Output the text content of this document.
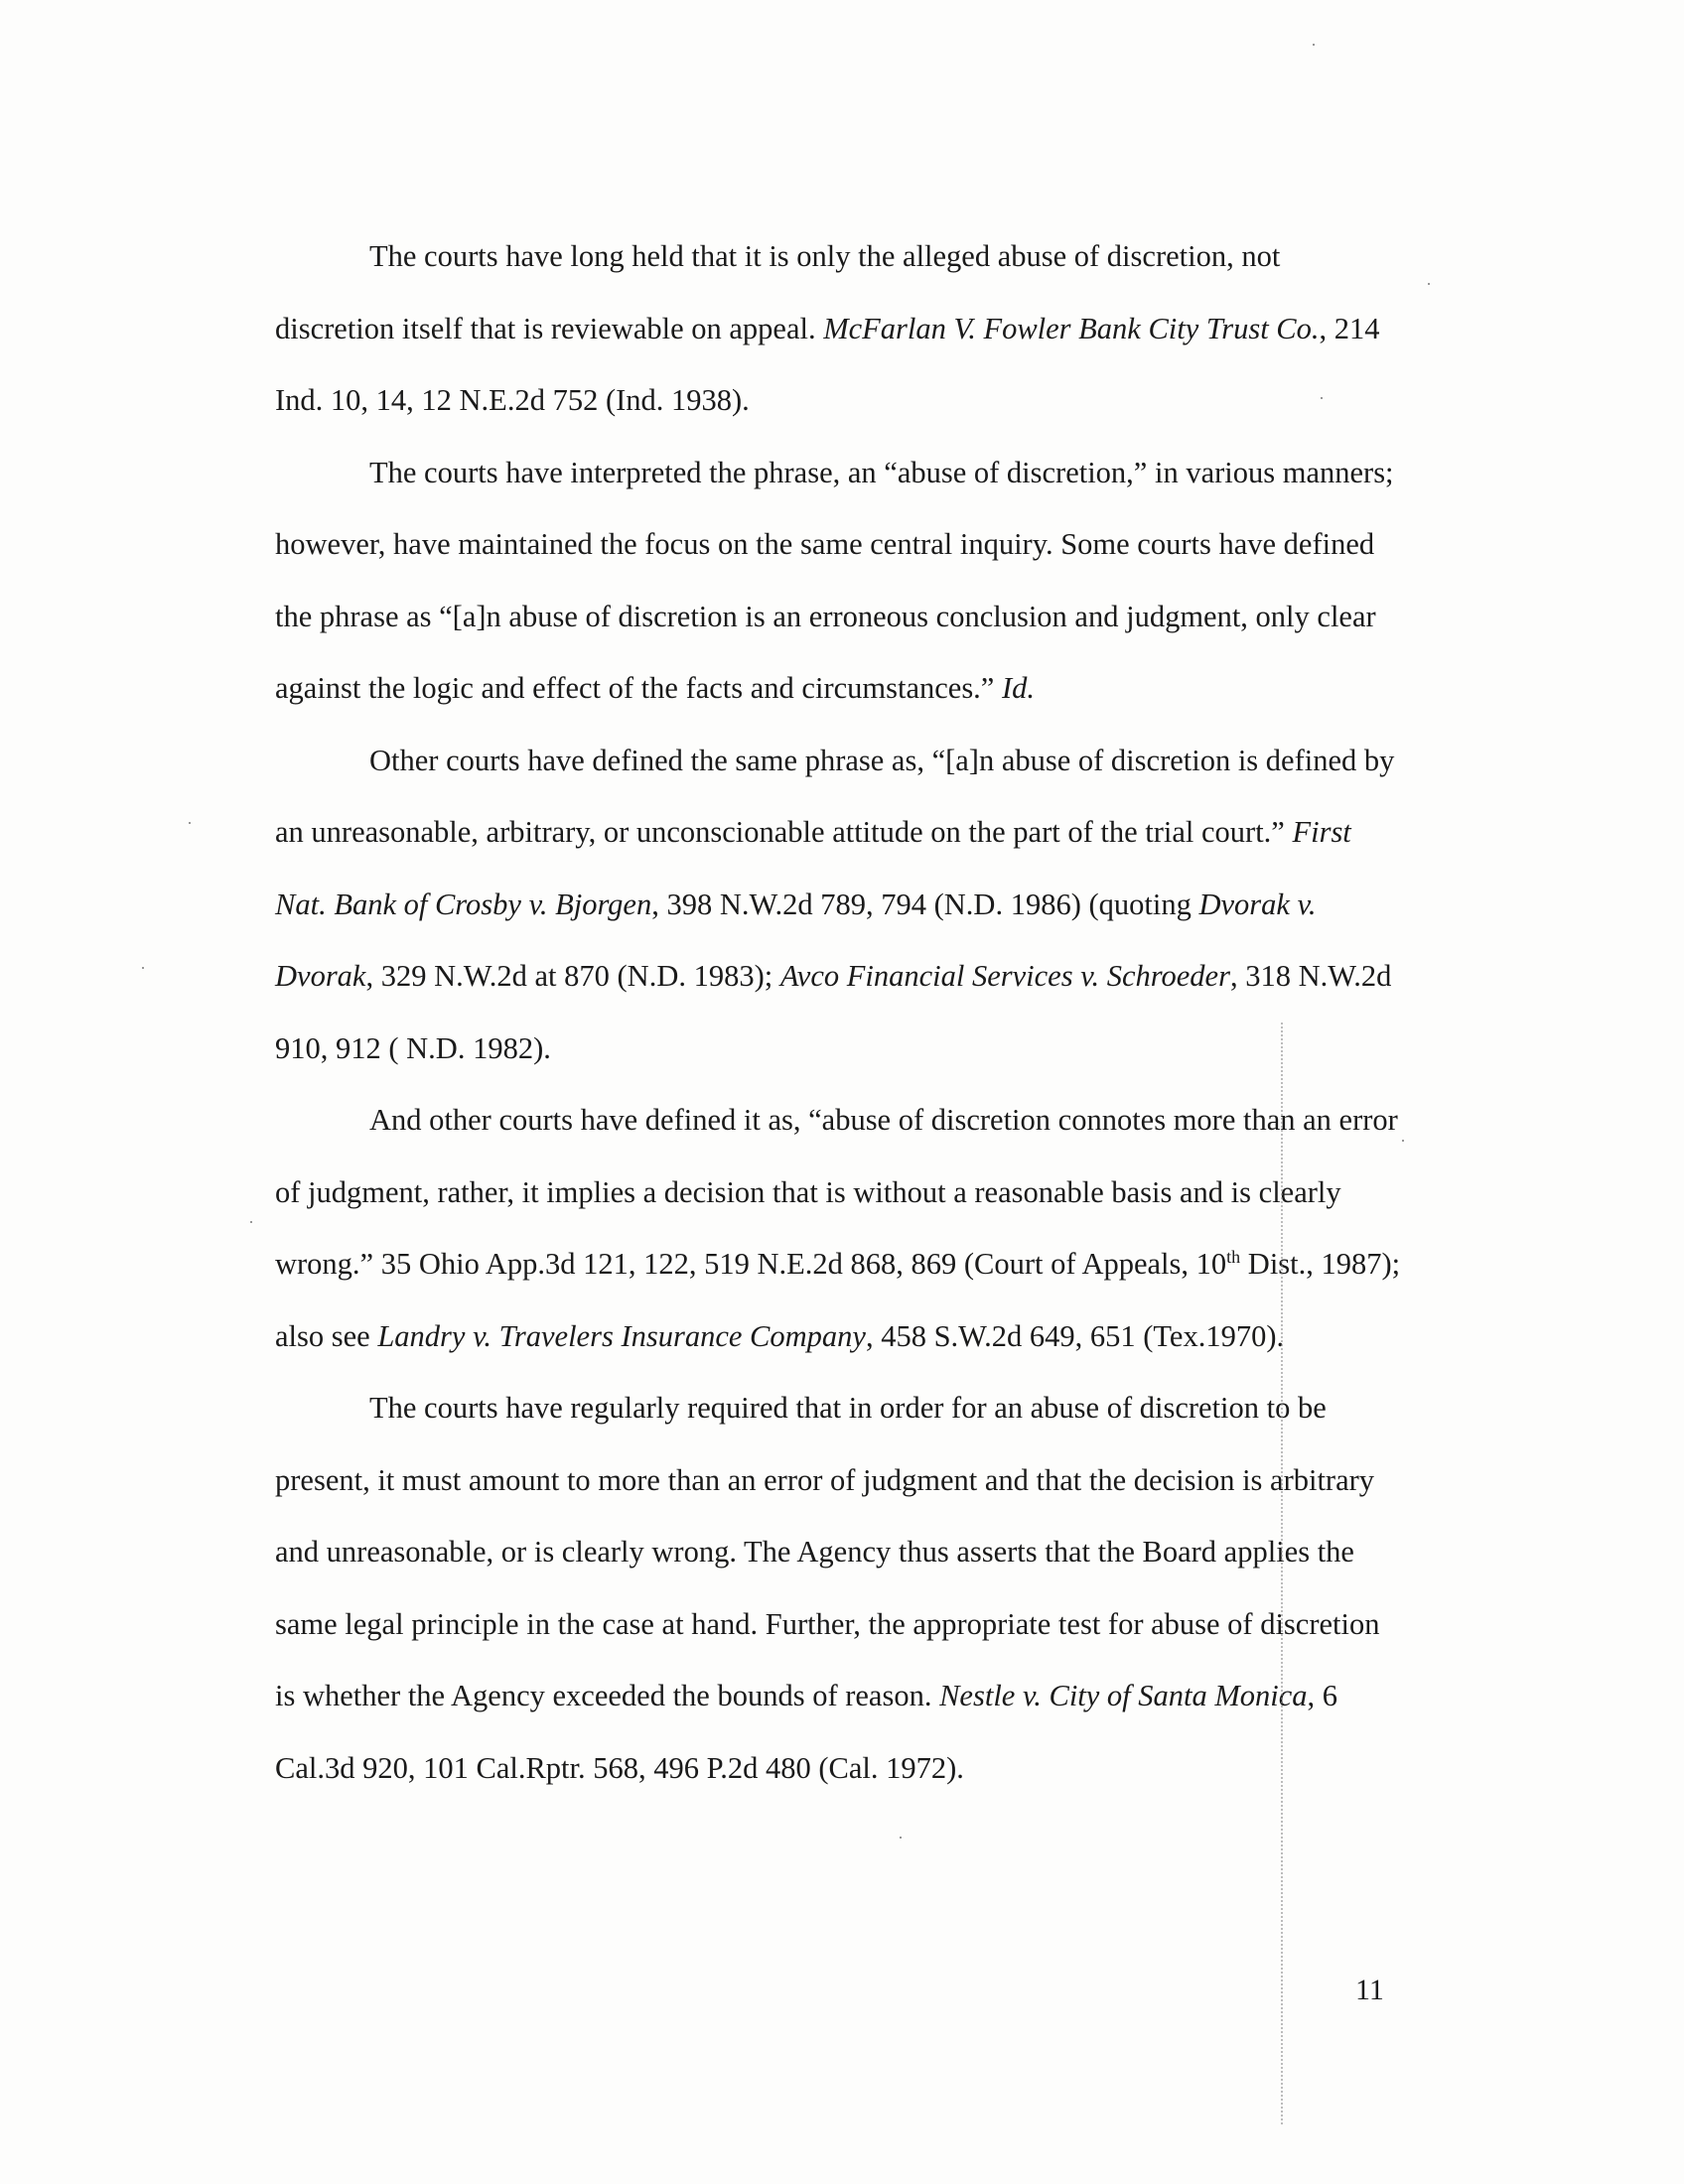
The courts have long held that it is only the alleged abuse of discretion, not discretion itself that is reviewable on appeal. McFarlan V. Fowler Bank City Trust Co., 214 Ind. 10, 14, 12 N.E.2d 752 (Ind. 1938).

The courts have interpreted the phrase, an “abuse of discretion,” in various manners; however, have maintained the focus on the same central inquiry. Some courts have defined the phrase as “[a]n abuse of discretion is an erroneous conclusion and judgment, only clear against the logic and effect of the facts and circumstances.” Id.

Other courts have defined the same phrase as, “[a]n abuse of discretion is defined by an unreasonable, arbitrary, or unconscionable attitude on the part of the trial court.” First Nat. Bank of Crosby v. Bjorgen, 398 N.W.2d 789, 794 (N.D. 1986) (quoting Dvorak v. Dvorak, 329 N.W.2d at 870 (N.D. 1983); Avco Financial Services v. Schroeder, 318 N.W.2d 910, 912 ( N.D. 1982).

And other courts have defined it as, “abuse of discretion connotes more than an error of judgment, rather, it implies a decision that is without a reasonable basis and is clearly wrong.” 35 Ohio App.3d 121, 122, 519 N.E.2d 868, 869 (Court of Appeals, 10th Dist., 1987); also see Landry v. Travelers Insurance Company, 458 S.W.2d 649, 651 (Tex.1970).

The courts have regularly required that in order for an abuse of discretion to be present, it must amount to more than an error of judgment and that the decision is arbitrary and unreasonable, or is clearly wrong. The Agency thus asserts that the Board applies the same legal principle in the case at hand. Further, the appropriate test for abuse of discretion is whether the Agency exceeded the bounds of reason. Nestle v. City of Santa Monica, 6 Cal.3d 920, 101 Cal.Rptr. 568, 496 P.2d 480 (Cal. 1972).

11
